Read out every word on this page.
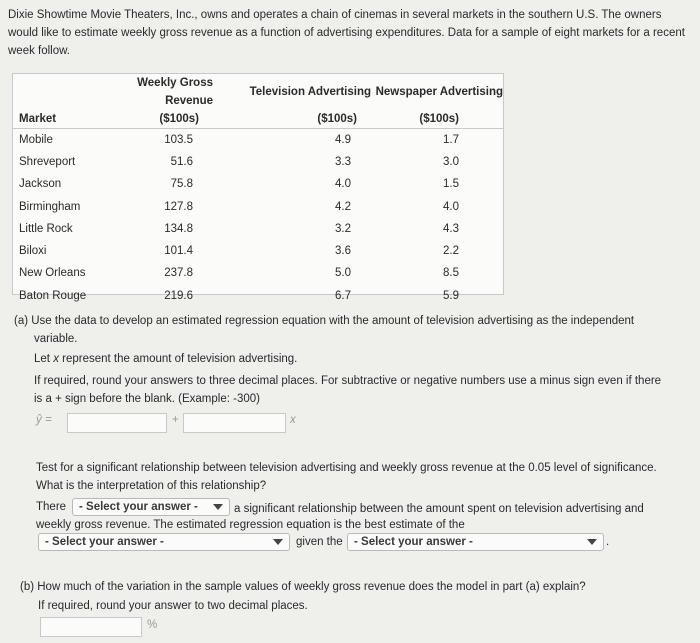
Dixie Showtime Movie Theaters, Inc., owns and operates a chain of cinemas in several markets in the southern U.S. The owners would like to estimate weekly gross revenue as a function of advertising expenditures. Data for a sample of eight markets for a recent week follow.
	Weekly Gross Revenue	Television Advertising	Newspaper Advertising
Market	($100s)	($100s)	($100s)
Mobile	103.5	4.9	1.7
Shreveport	51.6	3.3	3.0
Jackson	75.8	4.0	1.5
Birmingham	127.8	4.2	4.0
Little Rock	134.8	3.2	4.3
Biloxi	101.4	3.6	2.2
New Orleans	237.8	5.0	8.5
Baton Rouge	219.6	6.7	5.9
(a) Use the data to develop an estimated regression equation with the amount of television advertising as the independent
variable.
Let x represent the amount of television advertising.
If required, round your answers to three decimal places. For subtractive or negative numbers use a minus sign even if there
is a + sign before the blank. (Example: -300)
ŷ =	+	x
Test for a significant relationship between television advertising and weekly gross revenue at the 0.05 level of significance.
What is the interpretation of this relationship?
There - Select your answer -	a significant relationship between the amount spent on television advertising and
weekly gross revenue. The estimated regression equation is the best estimate of the
- Select your answer -	given the - Select your answer -	.
(b) How much of the variation in the sample values of weekly gross revenue does the model in part (a) explain?
If required, round your answer to two decimal places.
%
